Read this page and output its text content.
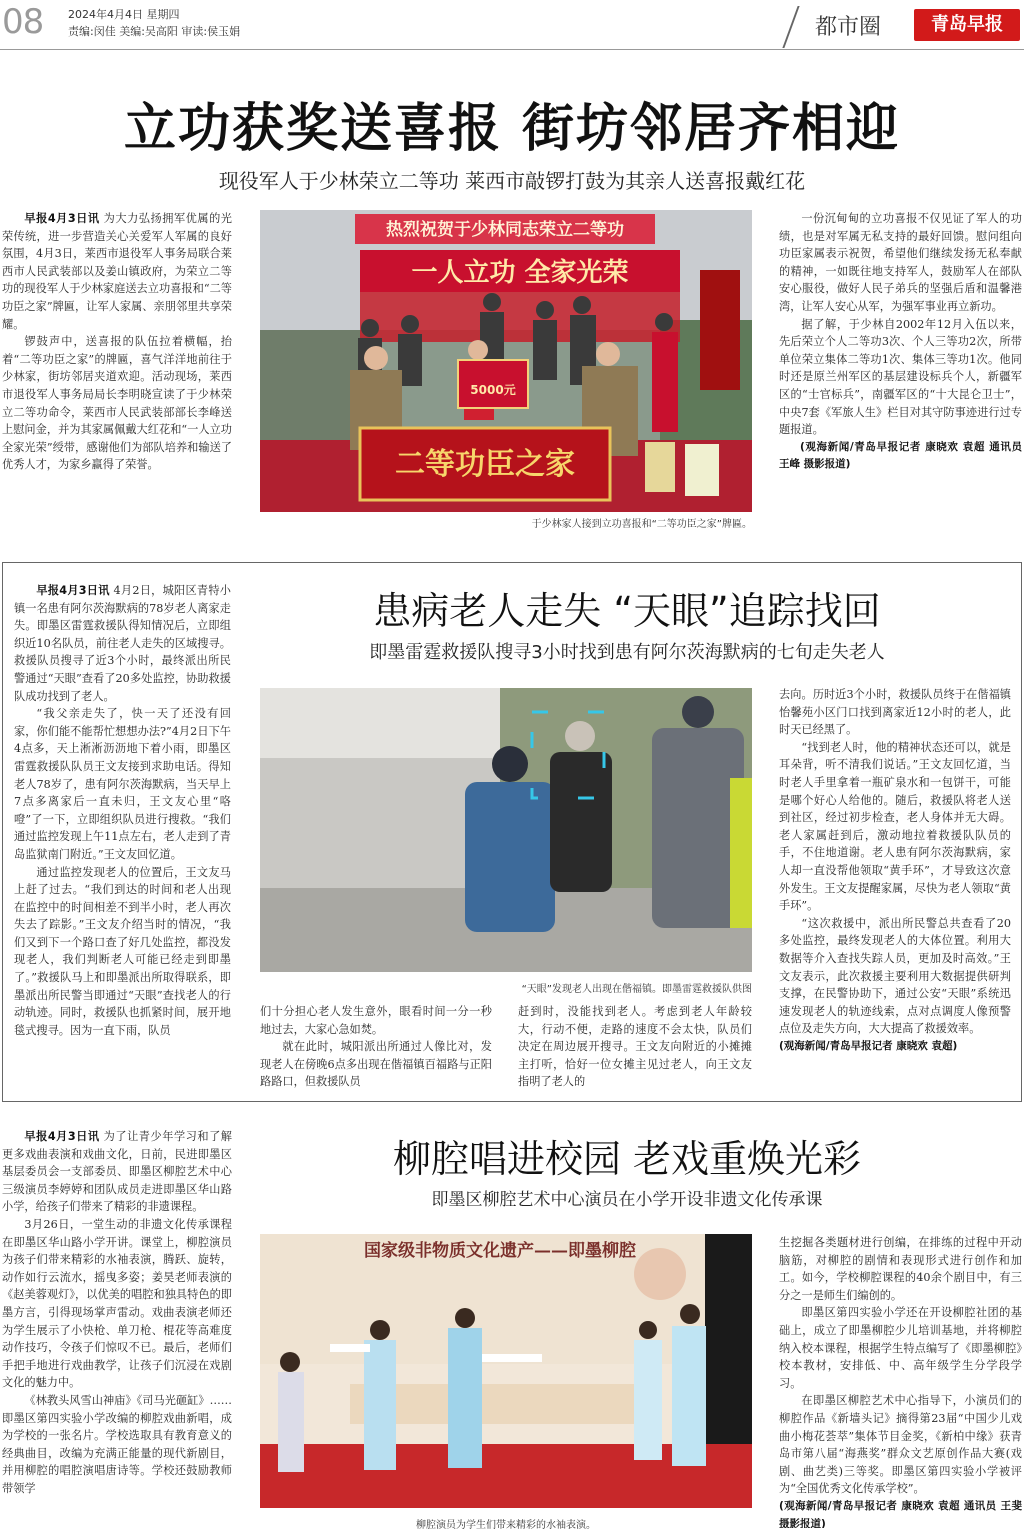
08 2024年4月4日 星期四
责编:闵佳 美编:吴高阳 审读:侯玉娟	都市圈	青岛早报
立功获奖送喜报 街坊邻居齐相迎
现役军人于少林荣立二等功 莱西市敲锣打鼓为其亲人送喜报戴红花

早报4月3日讯 为大力弘扬拥军优属的光荣传统，进一步营造关心关爱军人军属的良好氛围，4月3日，莱西市退役军人事务局联合莱西市人民武装部以及姜山镇政府，为荣立二等功的现役军人于少林家庭送去立功喜报和“二等功臣之家”牌匾，让军人家属、亲朋邻里共享荣耀。

锣鼓声中，送喜报的队伍拉着横幅，抬着“二等功臣之家”的牌匾，喜气洋洋地前往于少林家，街坊邻居夹道欢迎。活动现场，莱西市退役军人事务局局长李明晓宣读了于少林荣立二等功命令，莱西市人民武装部部长李峰送上慰问金，并为其家属佩戴大红花和“一人立功 全家光荣”绶带，感谢他们为部队培养和输送了优秀人才，为家乡赢得了荣誉。

热烈祝贺于少林同志荣立二等功
一人立功 全家光荣
5000元
二等功臣之家
于少林家人接到立功喜报和“二等功臣之家”牌匾。

一份沉甸甸的立功喜报不仅见证了军人的功绩，也是对军属无私支持的最好回馈。慰问组向功臣家属表示祝贺，希望他们继续发扬无私奉献的精神，一如既往地支持军人，鼓励军人在部队安心服役，做好人民子弟兵的坚强后盾和温馨港湾，让军人安心从军，为强军事业再立新功。

据了解，于少林自2002年12月入伍以来，先后荣立个人二等功3次、个人三等功2次，所带单位荣立集体二等功1次、集体三等功1次。他同时还是原兰州军区的基层建设标兵个人，新疆军区的“士官标兵”，南疆军区的“十大昆仑卫士”，中央7套《军旅人生》栏目对其守防事迹进行过专题报道。

(观海新闻/青岛早报记者 康晓欢 袁超 通讯员 王峰 摄影报道)

患病老人走失 “天眼”追踪找回
即墨雷霆救援队搜寻3小时找到患有阿尔茨海默病的七旬走失老人

早报4月3日讯 4月2日，城阳区青特小镇一名患有阿尔茨海默病的78岁老人离家走失。即墨区雷霆救援队得知情况后，立即组织近10名队员，前往老人走失的区域搜寻。救援队员搜寻了近3个小时，最终派出所民警通过“天眼”查看了20多处监控，协助救援队成功找到了老人。

“我父亲走失了，快一天了还没有回家，你们能不能帮忙想想办法?”4月2日下午4点多，天上淅淅沥沥地下着小雨，即墨区雷霆救援队队员王文友接到求助电话。得知老人78岁了，患有阿尔茨海默病，当天早上7点多离家后一直未归，王文友心里“咯噔”了一下，立即组织队员进行搜救。“我们通过监控发现上午11点左右，老人走到了青岛监狱南门附近。”王文友回忆道。

通过监控发现老人的位置后，王文友马上赶了过去。“我们到达的时间和老人出现在监控中的时间相差不到半小时，老人再次失去了踪影。”王文友介绍当时的情况，“我们又到下一个路口查了好几处监控，都没发现老人，我们判断老人可能已经走到即墨了。”救援队马上和即墨派出所取得联系，即墨派出所民警当即通过“天眼”查找老人的行动轨迹。同时，救援队也抓紧时间，展开地毯式搜寻。因为一直下雨，队员

“天眼”发现老人出现在偕福镇。即墨雷霆救援队供图

们十分担心老人发生意外，眼看时间一分一秒地过去，大家心急如焚。

就在此时，城阳派出所通过人像比对，发现老人在傍晚6点多出现在偕福镇百福路与正阳路路口，但救援队员

赶到时，没能找到老人。考虑到老人年龄较大，行动不便，走路的速度不会太快，队员们决定在周边展开搜寻。王文友向附近的小摊摊主打听，恰好一位女摊主见过老人，向王文友指明了老人的

去向。历时近3个小时，救援队员终于在偕福镇怡馨苑小区门口找到离家近12小时的老人，此时天已经黑了。

“找到老人时，他的精神状态还可以，就是耳朵背，听不清我们说话。”王文友回忆道，当时老人手里拿着一瓶矿泉水和一包饼干，可能是哪个好心人给他的。随后，救援队将老人送到社区，经过初步检查，老人身体并无大碍。老人家属赶到后，激动地拉着救援队队员的手，不住地道谢。老人患有阿尔茨海默病，家人却一直没帮他领取“黄手环”，才导致这次意外发生。王文友提醒家属，尽快为老人领取“黄手环”。

“这次救援中，派出所民警总共查看了20多处监控，最终发现老人的大体位置。利用大数据等介入查找失踪人员，更加及时高效。”王文友表示，此次救援主要利用大数据提供研判支撑，在民警协助下，通过公安“天眼”系统迅速发现老人的轨迹线索，点对点调度人像预警点位及走失方向，大大提高了救援效率。

(观海新闻/青岛早报记者 康晓欢 袁超)

柳腔唱进校园 老戏重焕光彩
即墨区柳腔艺术中心演员在小学开设非遗文化传承课

早报4月3日讯 为了让青少年学习和了解更多戏曲表演和戏曲文化，日前，民进即墨区基层委员会一支部委员、即墨区柳腔艺术中心三级演员李婷婷和团队成员走进即墨区华山路小学，给孩子们带来了精彩的非遗课程。

3月26日，一堂生动的非遗文化传承课程在即墨区华山路小学开讲。课堂上，柳腔演员为孩子们带来精彩的水袖表演，腾跃、旋转，动作如行云流水，摇曳多姿；姜昊老师表演的《赵美蓉观灯》，以优美的唱腔和独具特色的即墨方言，引得现场掌声雷动。戏曲表演老师还为学生展示了小快枪、单刀枪、棍花等高难度动作技巧，令孩子们惊叹不已。最后，老师们手把手地进行戏曲教学，让孩子们沉浸在戏剧文化的魅力中。

《林教头风雪山神庙》《司马光砸缸》……即墨区第四实验小学改编的柳腔戏曲新唱，成为学校的一张名片。学校选取具有教育意义的经典曲目，改编为充满正能量的现代新剧目，并用柳腔的唱腔演唱唐诗等。学校还鼓励教师带领学

国家级非物质文化遗产——即墨柳腔
柳腔演员为学生们带来精彩的水袖表演。

生挖掘各类题材进行创编，在排练的过程中开动脑筋，对柳腔的剧情和表现形式进行创作和加工。如今，学校柳腔课程的40余个剧目中，有三分之一是师生们编创的。

即墨区第四实验小学还在开设柳腔社团的基础上，成立了即墨柳腔少儿培训基地，并将柳腔纳入校本课程，根据学生特点编写了《即墨柳腔》校本教材，安排低、中、高年级学生分学段学习。

在即墨区柳腔艺术中心指导下，小演员们的柳腔作品《新墙头记》摘得第23届“中国少儿戏曲小梅花荟萃”集体节目金奖，《新柏中缘》获青岛市第八届“海燕奖”群众文艺原创作品大赛(戏剧、曲艺类)三等奖。即墨区第四实验小学被评为“全国优秀文化传承学校”。

(观海新闻/青岛早报记者 康晓欢 袁超 通讯员 王斐 摄影报道)
